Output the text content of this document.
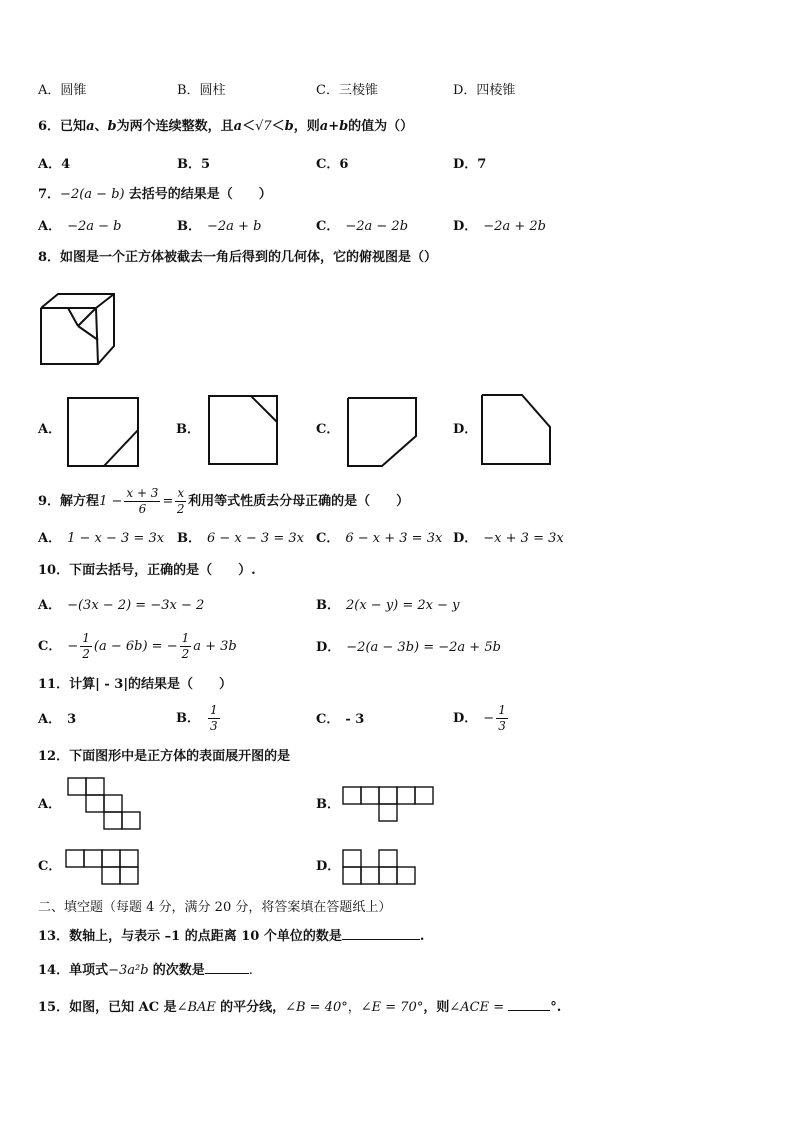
A．圆锥	B．圆柱	C．三棱锥	D．四棱锥
6．已知a、b为两个连续整数，且a＜√7＜b，则a+b的值为（）
A．4	B．5	C．6	D．7
7．−2(a − b) 去括号的结果是（　　）
A． −2a − b	B． −2a + b	C． −2a − 2b	D． −2a + 2b
8．如图是一个正方体被截去一角后得到的几何体，它的俯视图是（）
A．	B．	C．	D．
9．解方程$1 - \frac{x + 3}{6} = \frac{x}{2}$ 利用等式性质去分母正确的是（　　）
A． 1 − x − 3 = 3x B． 6 − x − 3 = 3x C． 6 − x + 3 = 3x D． −x + 3 = 3x
10．下面去括号，正确的是（　　）.
A． −(3x − 2) = −3x − 2	B． 2(x − y) = 2x − y
C． − $\frac{1}{2} (a - 6b)$ = − $\frac{1}{2}$ a + 3b	D． −2(a − 3b) = −2a + 5b
11．计算| - 3|的结果是（　　）
A． 3	B． $\frac{1}{3}$	C． - 3	D． − $\frac{1}{3}$
12．下面图形中是正方体的表面展开图的是
A．	B．
C．	D．
二、填空题（每题 4 分，满分 20 分，将答案填在答题纸上）
13．数轴上，与表示 –1 的点距离 10 个单位的数是	.
14．单项式−3a²b 的次数是	.
15．如图，已知 AC 是∠BAE 的平分线，∠B = 40°，∠E = 70°，则∠ACE =	°.
